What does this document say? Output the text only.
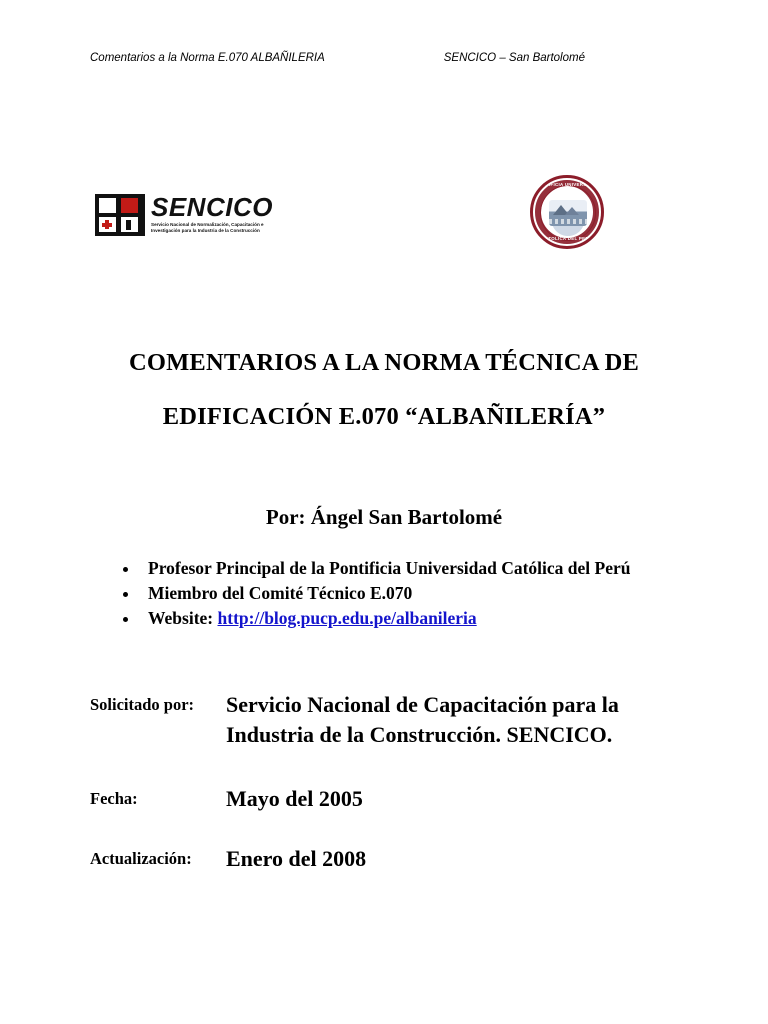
Comentarios a la Norma E.070 ALBAÑILERIA	SENCICO – San Bartolomé
SENCICO
Servicio Nacional de Normalización, Capacitación e Investigación para la Industria de la Construcción
PONTIFICIA UNIVERSIDAD
CATOLICA DEL PERU
COMENTARIOS A LA NORMA TÉCNICA DE
EDIFICACIÓN E.070 “ALBAÑILERÍA”
Por: Ángel San Bartolomé
• Profesor Principal de la Pontificia Universidad Católica del Perú
• Miembro del Comité Técnico E.070
• Website: http://blog.pucp.edu.pe/albanileria
Solicitado por:	Servicio Nacional de Capacitación para la
Industria de la Construcción. SENCICO.
Fecha:	Mayo del 2005
Actualización:	Enero del 2008
